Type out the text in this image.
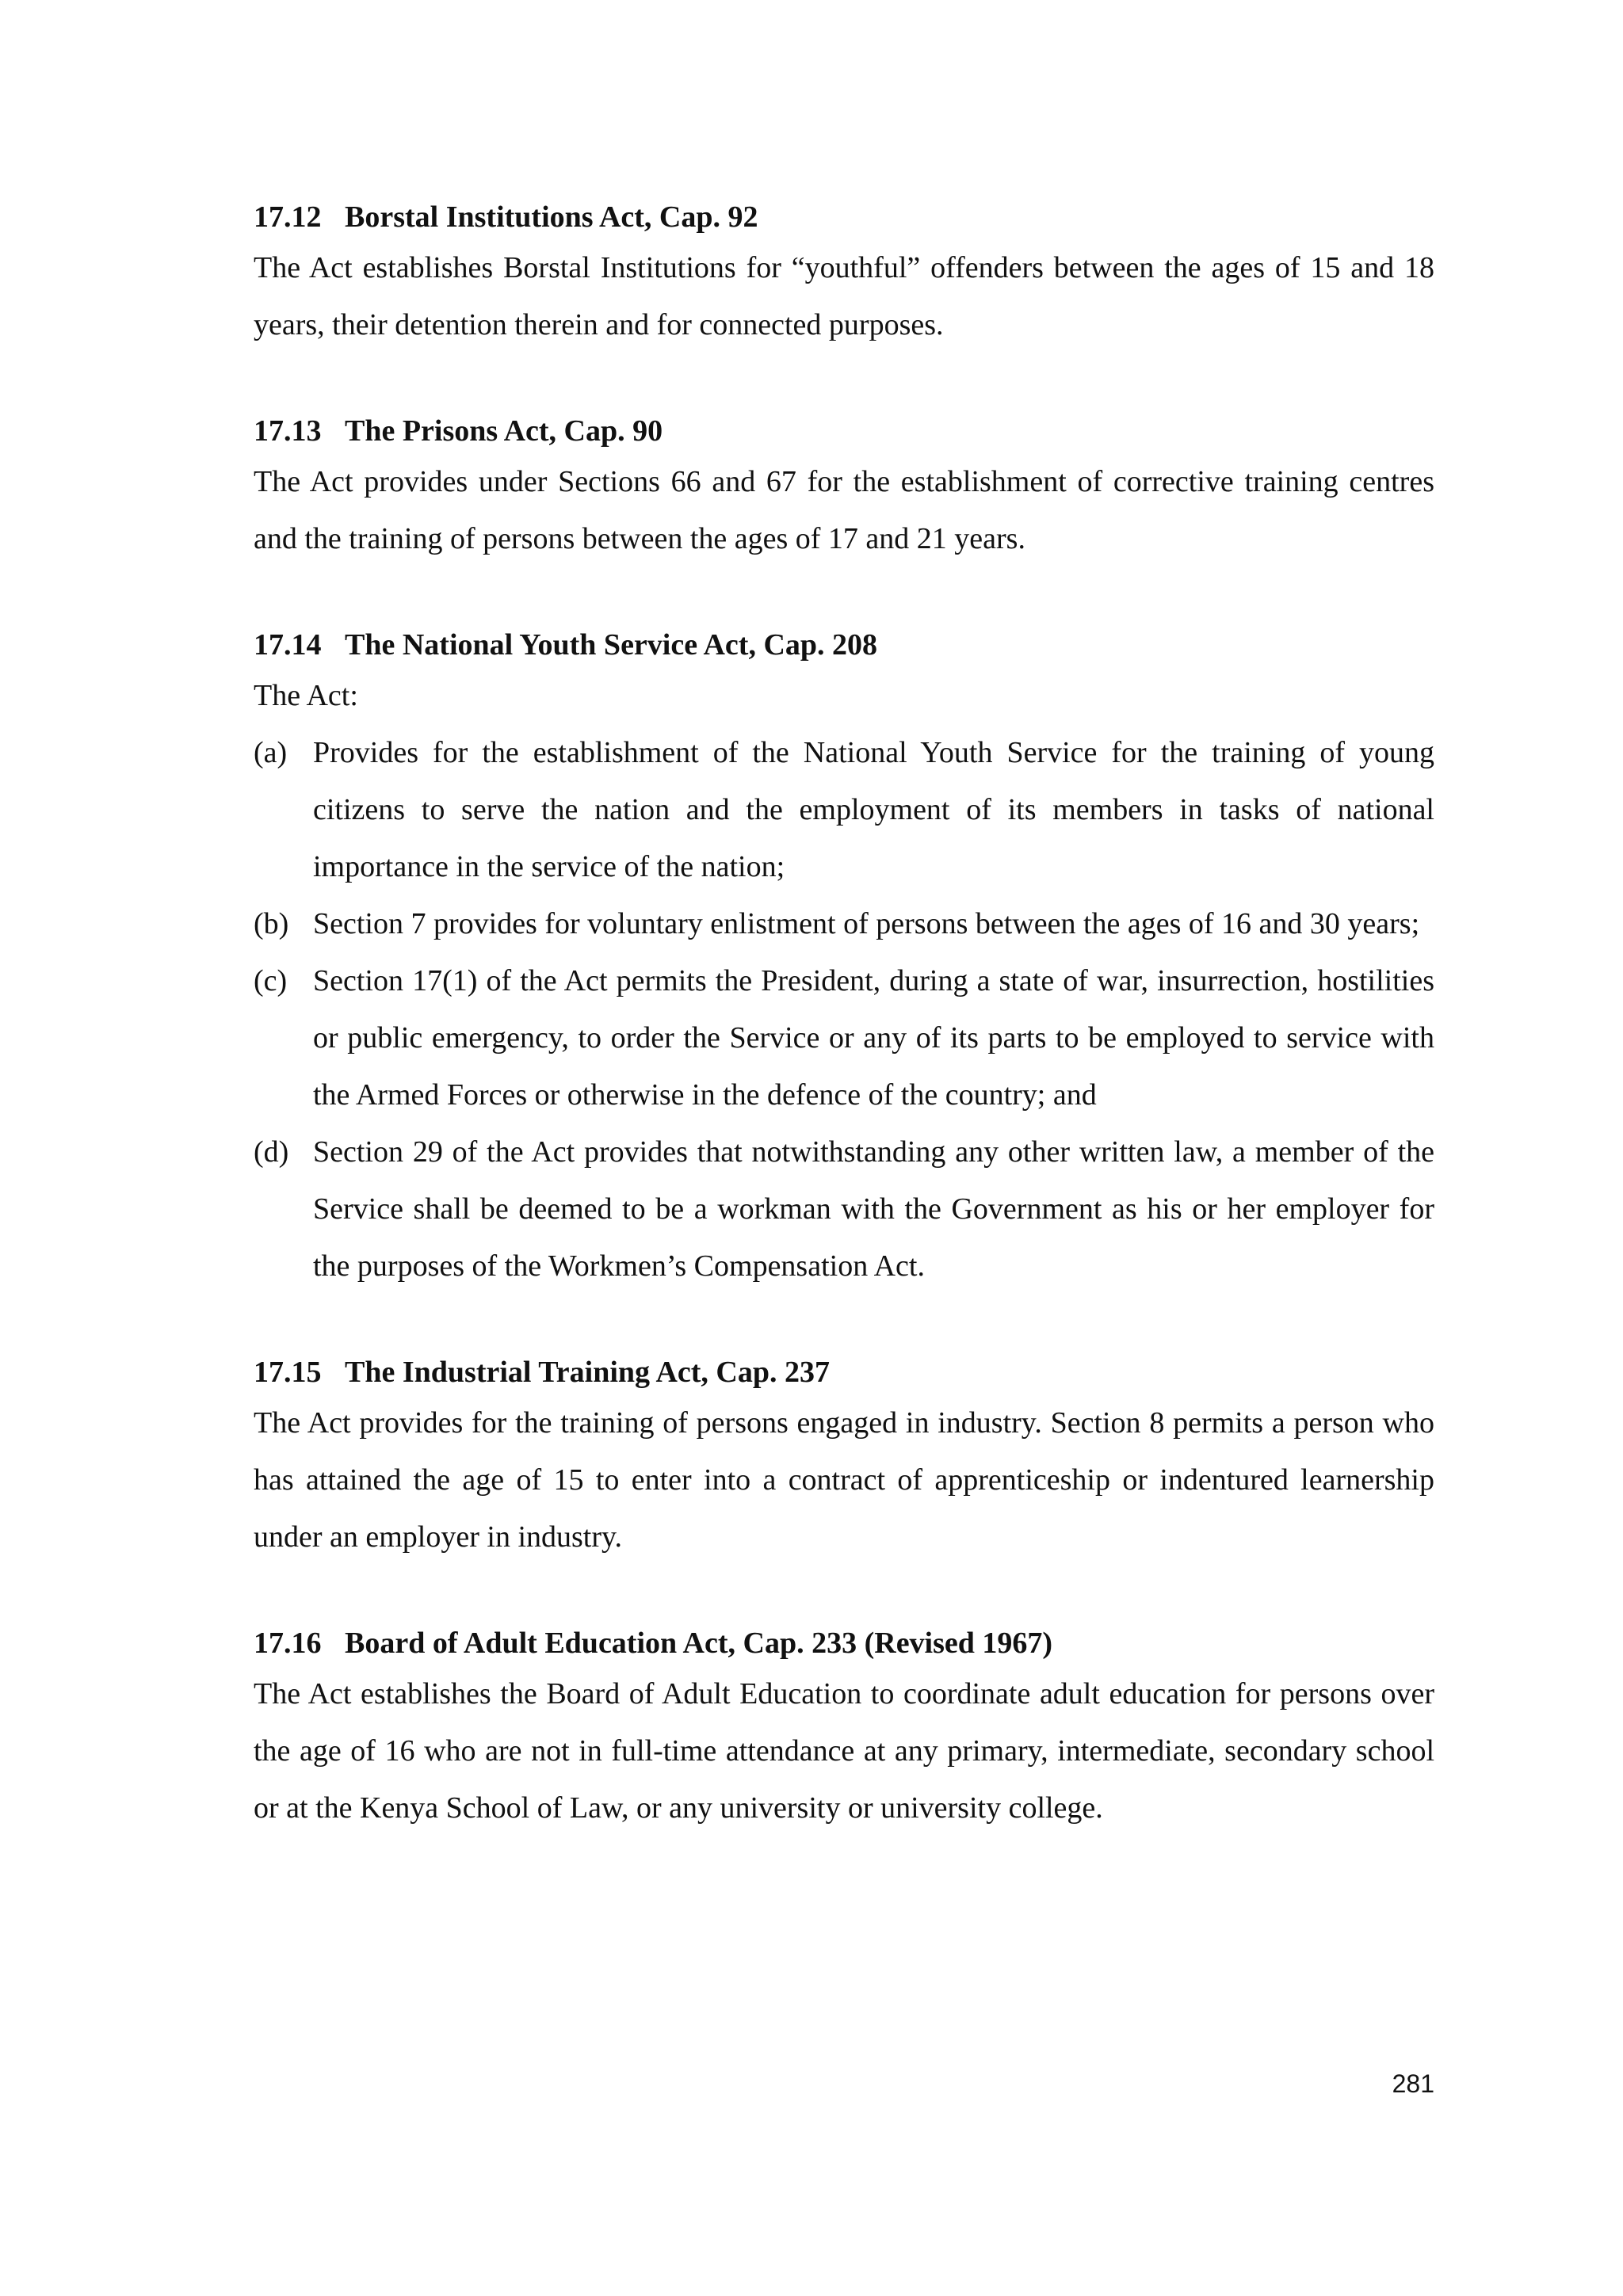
17.12 Borstal Institutions Act, Cap. 92

The Act establishes Borstal Institutions for “youthful” offenders between the ages of 15 and 18 years, their detention therein and for connected purposes.

17.13 The Prisons Act, Cap. 90

The Act provides under Sections 66 and 67 for the establishment of corrective training centres and the training of persons between the ages of 17 and 21 years.

17.14 The National Youth Service Act, Cap. 208

The Act:

(a) Provides for the establishment of the National Youth Service for the training of young citizens to serve the nation and the employment of its members in tasks of national importance in the service of the nation;
(b) Section 7 provides for voluntary enlistment of persons between the ages of 16 and 30 years;
(c) Section 17(1) of the Act permits the President, during a state of war, insurrection, hostilities or public emergency, to order the Service or any of its parts to be employed to service with the Armed Forces or otherwise in the defence of the country; and
(d) Section 29 of the Act provides that notwithstanding any other written law, a member of the Service shall be deemed to be a workman with the Government as his or her employer for the purposes of the Workmen’s Compensation Act.
17.15 The Industrial Training Act, Cap. 237

The Act provides for the training of persons engaged in industry. Section 8 permits a person who has attained the age of 15 to enter into a contract of apprenticeship or indentured learnership under an employer in industry.

17.16 Board of Adult Education Act, Cap. 233 (Revised 1967)

The Act establishes the Board of Adult Education to coordinate adult education for persons over the age of 16 who are not in full-time attendance at any primary, intermediate, secondary school or at the Kenya School of Law, or any university or university college.

281
